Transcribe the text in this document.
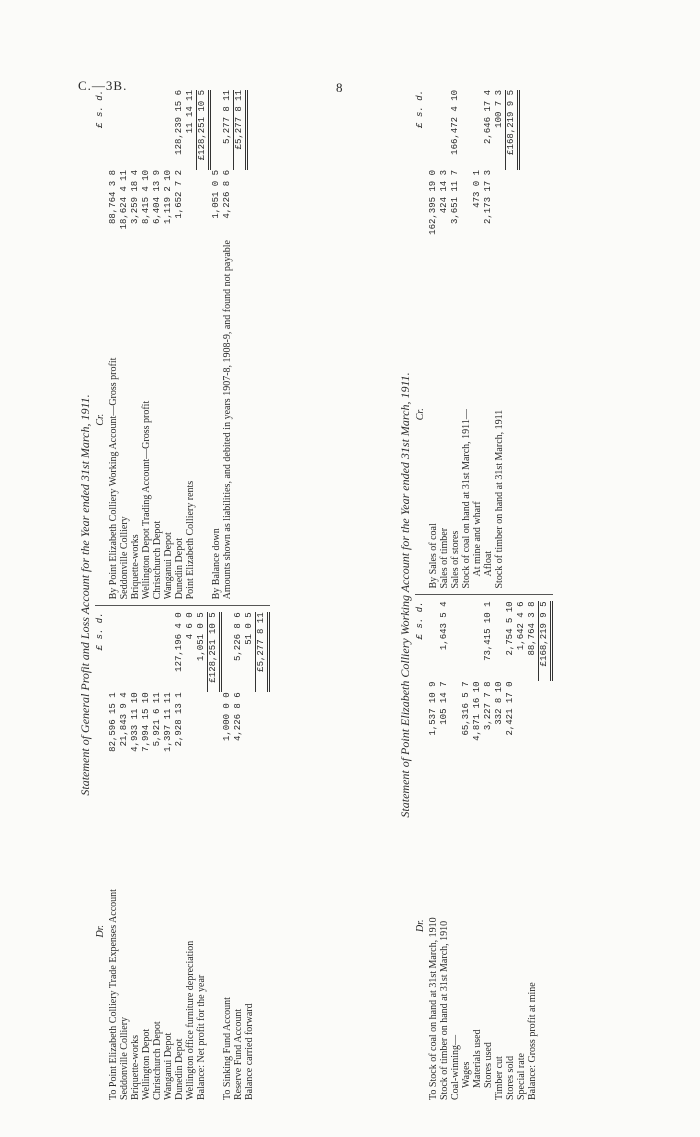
C.—3B.	8
Statement of General Profit and Loss Account for the Year ended 31st March, 1911.
Dr.
£ s. d.
To Point Elizabeth Colliery Trade Expenses Account
82,596 15 1
Seddonville Colliery
21,843 9 4
Briquette-works
4,933 11 10
Wellington Depot
7,994 15 10
Christchurch Depot
5,921 6 11
Wanganui Depot
1,397 11 11
Dunedin Depot
2,928 13 1
127,196 4 0
Wellington office furniture depreciation
4 6 0
Balance: Net profit for the year
1,051 0 5 £128,251 10 5
To Sinking Fund Account
1,000 0 0
Reserve Fund Account
4,226 8 6
5,226 8 6
Balance carried forward
51 0 5 £5,277 8 11
Cr.
£ s. d.
By Point Elizabeth Colliery Working Account—Gross profit
88,764 3 8
Seddonville Colliery
18,624 4 11
Briquette-works
3,259 18 4
Wellington Depot Trading Account—Gross profit
8,415 4 10
Christchurch Depot
6,404 13 9
Wanganui Depot
1,119 2 10
Dunedin Depot
1,652 7 2
128,239 15 6
Point Elizabeth Colliery rents
11 14 11 £128,251 10 5
By Balance down
1,051 0 5
Amounts shown as liabilities, and debited in years 1907-8, 1908-9, and found not payable
4,226 8 6
5,277 8 11 £5,277 8 11
Statement of Point Elizabeth Colliery Working Account for the Year ended 31st March, 1911.
Dr.
£ s. d.
To Stock of coal on hand at 31st March, 1910
1,537 10 9
Stock of timber on hand at 31st March, 1910
105 14 7
1,643 5 4
Coal-winning— Wages
65,316 5 7
Materials used
4,871 16 10
Stores used
3,227 7 8
73,415 10 1
Timber cut
332 8 10
Stores sold
2,421 17 0
2,754 5 10
Special rate
1,642 4 6
Balance: Gross profit at mine
88,764 3 8 £168,219 9 5
Cr.
£ s. d.
By Sales of coal
162,395 19 0
Sales of timber
424 14 3
Sales of stores
3,651 11 7
166,472 4 10
Stock of coal on hand at 31st March, 1911— At mine and wharf
473 0 1
Afloat
2,173 17 3
2,646 17 4
Stock of timber on hand at 31st March, 1911
100 7 3 £168,219 9 5
